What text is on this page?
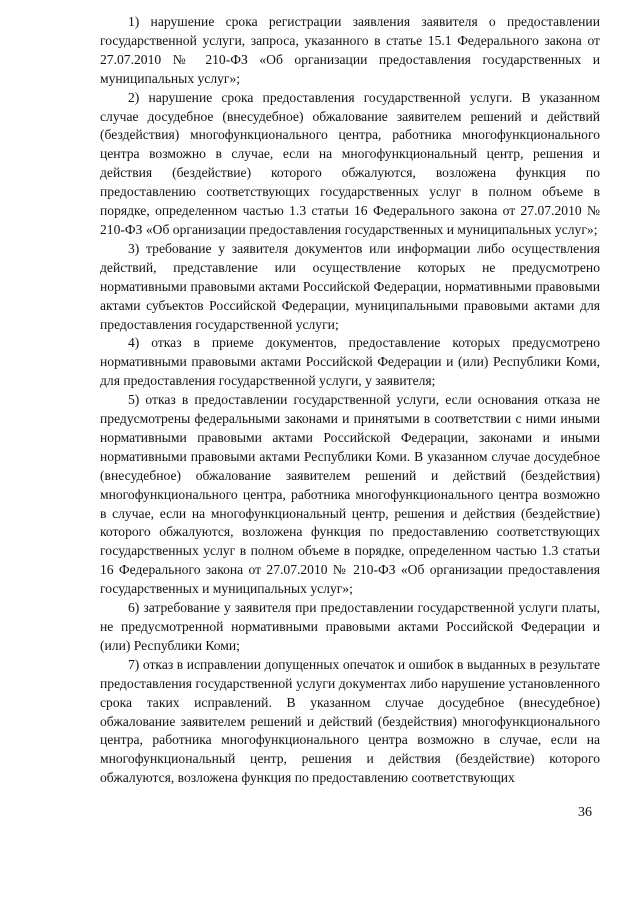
1) нарушение срока регистрации заявления заявителя о предоставлении государственной услуги, запроса, указанного в статье 15.1 Федерального закона от 27.07.2010 № 210-ФЗ «Об организации предоставления государственных и муниципальных услуг»;

2) нарушение срока предоставления государственной услуги. В указанном случае досудебное (внесудебное) обжалование заявителем решений и действий (бездействия) многофункционального центра, работника многофункционального центра возможно в случае, если на многофункциональный центр, решения и действия (бездействие) которого обжалуются, возложена функция по предоставлению соответствующих государственных услуг в полном объеме в порядке, определенном частью 1.3 статьи 16 Федерального закона от 27.07.2010 № 210-ФЗ «Об организации предоставления государственных и муниципальных услуг»;

3) требование у заявителя документов или информации либо осуществления действий, представление или осуществление которых не предусмотрено нормативными правовыми актами Российской Федерации, нормативными правовыми актами субъектов Российской Федерации, муниципальными правовыми актами для предоставления государственной услуги;

4) отказ в приеме документов, предоставление которых предусмотрено нормативными правовыми актами Российской Федерации и (или) Республики Коми, для предоставления государственной услуги, у заявителя;

5) отказ в предоставлении государственной услуги, если основания отказа не предусмотрены федеральными законами и принятыми в соответствии с ними иными нормативными правовыми актами Российской Федерации, законами и иными нормативными правовыми актами Республики Коми. В указанном случае досудебное (внесудебное) обжалование заявителем решений и действий (бездействия) многофункционального центра, работника многофункционального центра возможно в случае, если на многофункциональный центр, решения и действия (бездействие) которого обжалуются, возложена функция по предоставлению соответствующих государственных услуг в полном объеме в порядке, определенном частью 1.3 статьи 16 Федерального закона от 27.07.2010 № 210-ФЗ «Об организации предоставления государственных и муниципальных услуг»;

6) затребование у заявителя при предоставлении государственной услуги платы, не предусмотренной нормативными правовыми актами Российской Федерации и (или) Республики Коми;

7) отказ в исправлении допущенных опечаток и ошибок в выданных в результате предоставления государственной услуги документах либо нарушение установленного срока таких исправлений. В указанном случае досудебное (внесудебное) обжалование заявителем решений и действий (бездействия) многофункционального центра, работника многофункционального центра возможно в случае, если на многофункциональный центр, решения и действия (бездействие) которого обжалуются, возложена функция по предоставлению соответствующих

36
